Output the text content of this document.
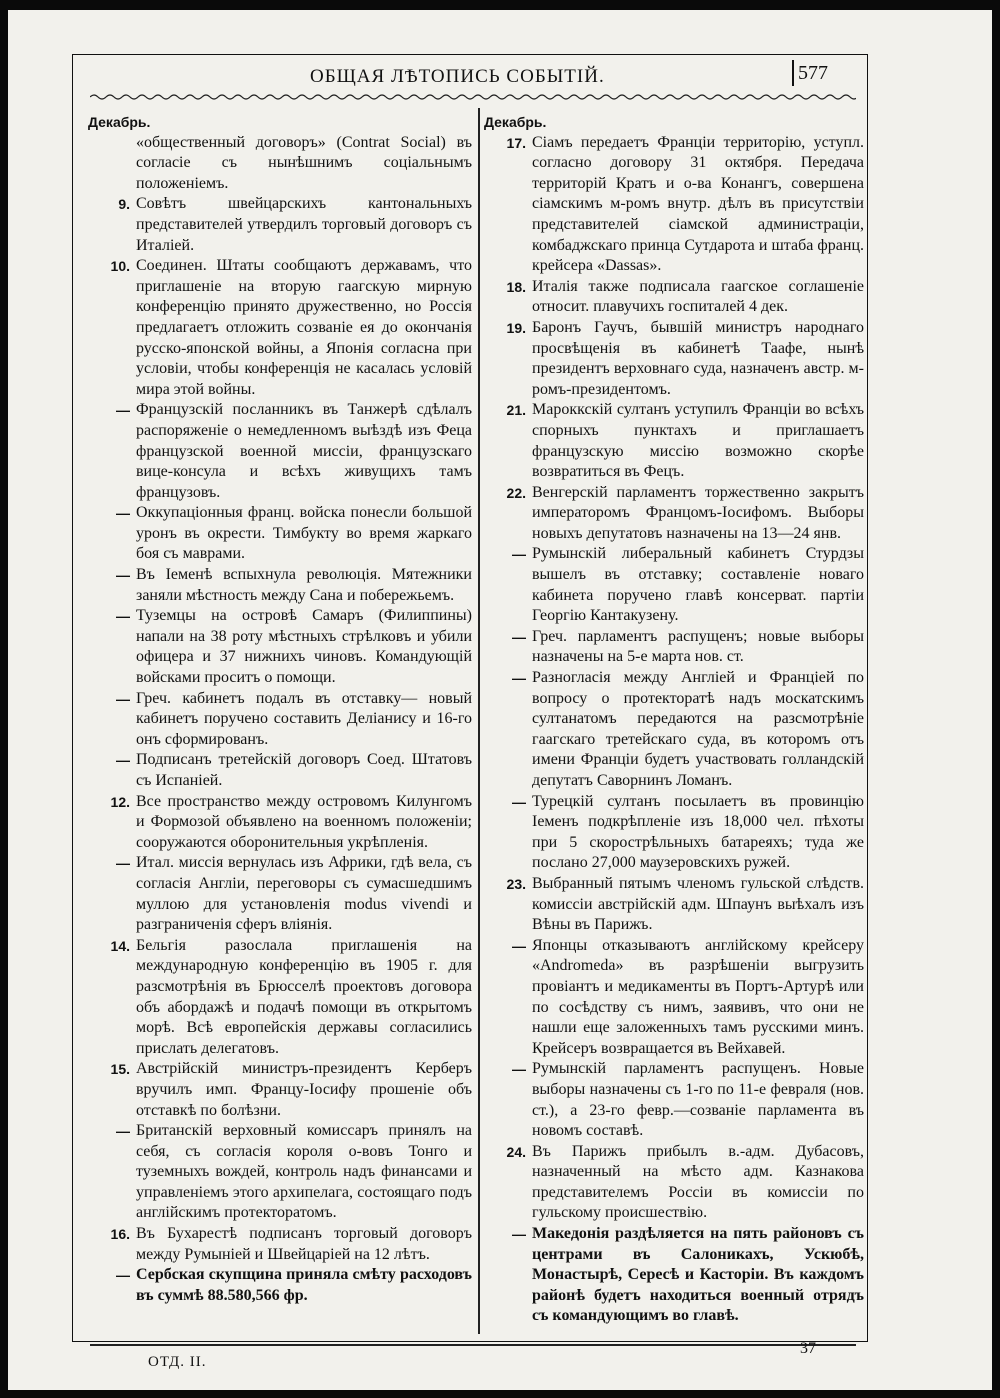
ОБЩАЯ ЛѢТОПИСЬ СОБЫТІЙ.	577
Декабрь.
«общественный договоръ» (Contrat Social) въ согласіе съ нынѣшнимъ соціальнымъ положеніемъ.
9. Совѣтъ швейцарскихъ кантональныхъ представителей утвердилъ торговый договоръ съ Италіей.
10. Соединен. Штаты сообщаютъ державамъ, что приглашеніе на вторую гаагскую мирную конференцію принято дружественно, но Россія предлагаетъ отложить созваніе ея до окончанія русско-японской войны, а Японія согласна при условіи, чтобы конференція не касалась условій мира этой войны.
— Французскій посланникъ въ Танжерѣ сдѣлалъ распоряженіе о немедленномъ выѣздѣ изъ Феца французской военной миссіи, французскаго вице-консула и всѣхъ живущихъ тамъ французовъ.
— Оккупаціонныя франц. войска понесли большой уронъ въ окрести. Тимбукту во время жаркаго боя съ маврами.
— Въ Іеменѣ вспыхнула революція. Мятежники заняли мѣстность между Сана и побережьемъ.
— Туземцы на островѣ Самаръ (Филиппины) напали на 38 роту мѣстныхъ стрѣлковъ и убили офицера и 37 нижнихъ чиновъ. Командующій войсками проситъ о помощи.
— Греч. кабинетъ подалъ въ отставку— новый кабинетъ поручено составить Деліанису и 16-го онъ сформированъ.
— Подписанъ третейскій договоръ Соед. Штатовъ съ Испаніей.
12. Все пространство между островомъ Килунгомъ и Формозой объявлено на военномъ положеніи; сооружаются оборонительныя укрѣпленія.
— Итал. миссія вернулась изъ Африки, гдѣ вела, съ согласія Англіи, переговоры съ сумасшедшимъ муллою для установленія modus vivendi и разграниченія сферъ вліянія.
14. Бельгія разослала приглашенія на международную конференцію въ 1905 г. для разсмотрѣнія въ Брюсселѣ проектовъ договора объ абордажѣ и подачѣ помощи въ открытомъ морѣ. Всѣ европейскія державы согласились прислать делегатовъ.
15. Австрійскій министръ-президентъ Керберъ вручилъ имп. Францу-Іосифу прошеніе объ отставкѣ по болѣзни.
— Британскій верховный комиссаръ принялъ на себя, съ согласія короля о-вовъ Тонго и туземныхъ вождей, контроль надъ финансами и управленіемъ этого архипелага, состоящаго подъ англійскимъ протекторатомъ.
16. Въ Бухарестѣ подписанъ торговый договоръ между Румыніей и Швейцаріей на 12 лѣтъ.
— Сербская скупщина приняла смѣту расходовъ въ суммѣ 88.580,566 фр.
Декабрь.
17. Сіамъ передаетъ Франціи территорію, уступл. согласно договору 31 октября. Передача территорій Кратъ и о-ва Конангъ, совершена сіамскимъ м-ромъ внутр. дѣлъ въ присутствіи представителей сіамской администраціи, комбаджскаго принца Сутдарота и штаба франц. крейсера «Dassas».
18. Италія также подписала гаагское соглашеніе относит. плавучихъ госпиталей 4 дек.
19. Баронъ Гаучъ, бывшій министръ народнаго просвѣщенія въ кабинетѣ Таафе, нынѣ президентъ верховнаго суда, назначенъ австр. м-ромъ-президентомъ.
21. Мароккскій султанъ уступилъ Франціи во всѣхъ спорныхъ пунктахъ и приглашаетъ французскую миссію возможно скорѣе возвратиться въ Фецъ.
22. Венгерскій парламентъ торжественно закрытъ императоромъ Францомъ-Іосифомъ. Выборы новыхъ депутатовъ назначены на 13—24 янв.
— Румынскій либеральный кабинетъ Стурдзы вышелъ въ отставку; составленіе новаго кабинета поручено главѣ консерват. партіи Георгію Кантакузену.
— Греч. парламентъ распущенъ; новые выборы назначены на 5-е марта нов. ст.
— Разногласія между Англіей и Франціей по вопросу о протекторатѣ надъ москатскимъ султанатомъ передаются на разсмотрѣніе гаагскаго третейскаго суда, въ которомъ отъ имени Франціи будетъ участвовать голландскій депутатъ Саворнинъ Ломанъ.
— Турецкій султанъ посылаетъ въ провинцію Іеменъ подкрѣпленіе изъ 18,000 чел. пѣхоты при 5 скорострѣльныхъ батареяхъ; туда же послано 27,000 маузеровскихъ ружей.
23. Выбранный пятымъ членомъ гульской слѣдств. комиссіи австрійскій адм. Шпаунъ выѣхалъ изъ Вѣны въ Парижъ.
— Японцы отказываютъ англійскому крейсеру «Andromeda» въ разрѣшеніи выгрузить провіантъ и медикаменты въ Портъ-Артурѣ или по сосѣдству съ нимъ, заявивъ, что они не нашли еще заложенныхъ тамъ русскими минъ. Крейсеръ возвращается въ Вейхавей.
— Румынскій парламентъ распущенъ. Новые выборы назначены съ 1-го по 11-е февраля (нов. ст.), а 23-го февр.—созваніе парламента въ новомъ составѣ.
24. Въ Парижъ прибылъ в.-адм. Дубасовъ, назначенный на мѣсто адм. Казнакова представителемъ Россіи въ комиссіи по гульскому происшествію.
— Македонія раздѣляется на пять районовъ съ центрами въ Салоникахъ, Ускюбѣ, Монастырѣ, Сересѣ и Касторіи. Въ каждомъ районѣ будетъ находиться военный отрядъ съ командующимъ во главѣ.
ОТД. II.
37
